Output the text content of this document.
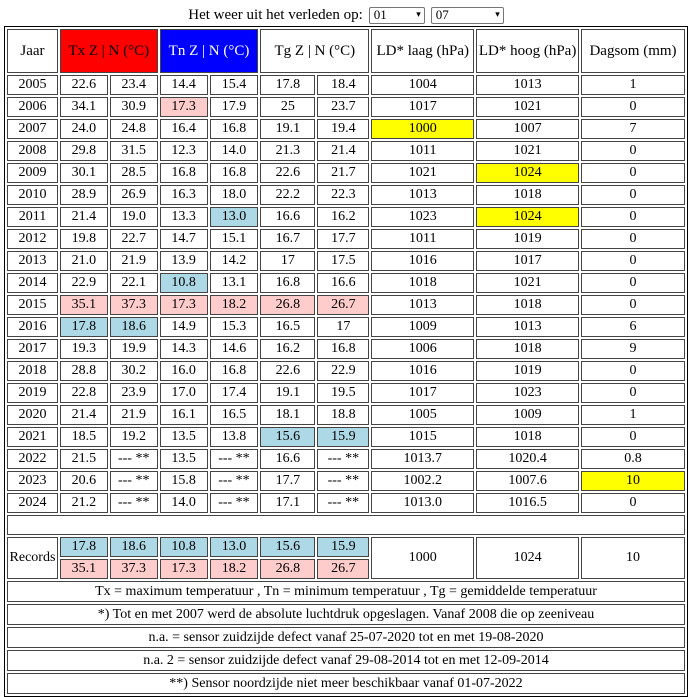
Het weer uit het verleden op: 01	▾ 07	▾
Jaar	Tx Z | N (°C)		Tn Z | N (°C)		Tg Z | N (°C)		LD* laag (hPa)	LD* hoog (hPa)	Dagsom (mm)
2005	22.6	23.4	14.4	15.4	17.8	18.4	1004	1013	1
2006	34.1	30.9	17.3	17.9	25	23.7	1017	1021	0
2007	24.0	24.8	16.4	16.8	19.1	19.4	1000	1007	7
2008	29.8	31.5	12.3	14.0	21.3	21.4	1011	1021	0
2009	30.1	28.5	16.8	16.8	22.6	21.7	1021	1024	0
2010	28.9	26.9	16.3	18.0	22.2	22.3	1013	1018	0
2011	21.4	19.0	13.3	13.0	16.6	16.2	1023	1024	0
2012	19.8	22.7	14.7	15.1	16.7	17.7	1011	1019	0
2013	21.0	21.9	13.9	14.2	17	17.5	1016	1017	0
2014	22.9	22.1	10.8	13.1	16.8	16.6	1018	1021	0
2015	35.1	37.3	17.3	18.2	26.8	26.7	1013	1018	0
2016	17.8	18.6	14.9	15.3	16.5	17	1009	1013	6
2017	19.3	19.9	14.3	14.6	16.2	16.8	1006	1018	9
2018	28.8	30.2	16.0	16.8	22.6	22.9	1016	1019	0
2019	22.8	23.9	17.0	17.4	19.1	19.5	1017	1023	0
2020	21.4	21.9	16.1	16.5	18.1	18.8	1005	1009	1
2021	18.5	19.2	13.5	13.8	15.6	15.9	1015	1018	0
2022	21.5	--- **	13.5	--- **	16.6	--- **	1013.7	1020.4	0.8
2023	20.6	--- **	15.8	--- **	17.7	--- **	1002.2	1007.6	10
2024	21.2	--- **	14.0	--- **	17.1	--- **	1013.0	1016.5	0

Records	17.8	18.6	10.8	13.0	15.6	15.9	1000	1024	10
	35.1	37.3	17.3	18.2	26.8	26.7			
Tx = maximum temperatuur , Tn = minimum temperatuur , Tg = gemiddelde temperatuur									
*) Tot en met 2007 werd de absolute luchtdruk opgeslagen. Vanaf 2008 die op zeeniveau									
n.a. = sensor zuidzijde defect vanaf 25-07-2020 tot en met 19-08-2020									
n.a. 2 = sensor zuidzijde defect vanaf 29-08-2014 tot en met 12-09-2014									
**) Sensor noordzijde niet meer beschikbaar vanaf 01-07-2022									
